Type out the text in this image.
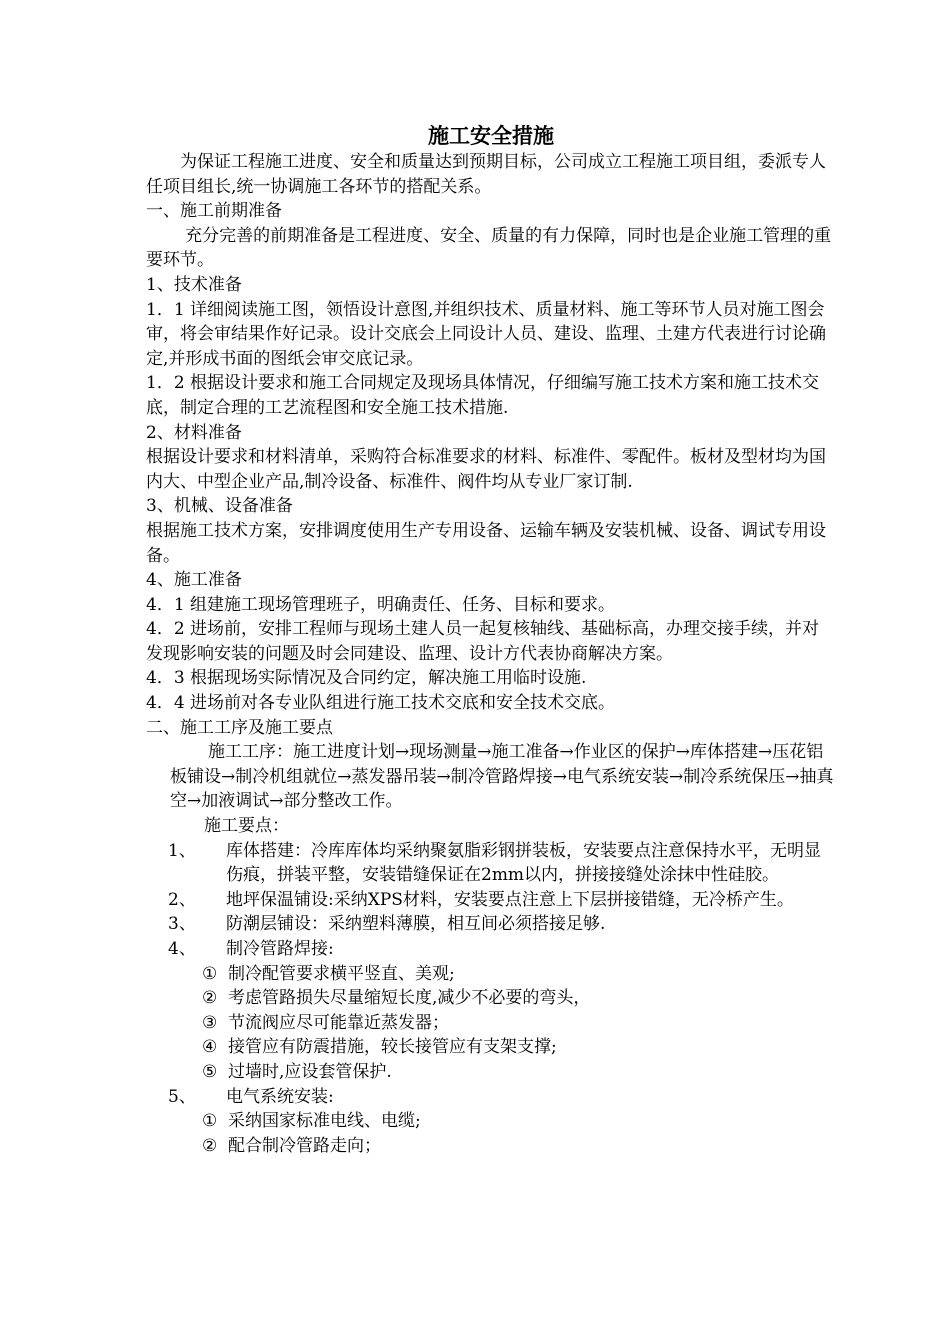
施工安全措施

为保证工程施工进度、安全和质量达到预期目标，公司成立工程施工项目组，委派专人任项目组长,统一协调施工各环节的搭配关系。

一、施工前期准备

充分完善的前期准备是工程进度、安全、质量的有力保障，同时也是企业施工管理的重要环节。

1、技术准备

1．1 详细阅读施工图，领悟设计意图,并组织技术、质量材料、施工等环节人员对施工图会审，将会审结果作好记录。设计交底会上同设计人员、建设、监理、土建方代表进行讨论确定,并形成书面的图纸会审交底记录。

1．2 根据设计要求和施工合同规定及现场具体情况，仔细编写施工技术方案和施工技术交底，制定合理的工艺流程图和安全施工技术措施.

2、材料准备

根据设计要求和材料清单，采购符合标准要求的材料、标准件、零配件。板材及型材均为国内大、中型企业产品,制冷设备、标准件、阀件均从专业厂家订制.

3、机械、设备准备

根据施工技术方案，安排调度使用生产专用设备、运输车辆及安装机械、设备、调试专用设备。

4、施工准备

4．1 组建施工现场管理班子，明确责任、任务、目标和要求。

4．2 进场前，安排工程师与现场土建人员一起复核轴线、基础标高，办理交接手续，并对发现影响安装的问题及时会同建设、监理、设计方代表协商解决方案。

4．3 根据现场实际情况及合同约定，解决施工用临时设施.

4．4 进场前对各专业队组进行施工技术交底和安全技术交底。

二、施工工序及施工要点

施工工序：施工进度计划→现场测量→施工准备→作业区的保护→库体搭建→压花铝板铺设→制冷机组就位→蒸发器吊装→制冷管路焊接→电气系统安装→制冷系统保压→抽真空→加液调试→部分整改工作。

施工要点：

1、	库体搭建：冷库库体均采纳聚氨脂彩钢拼装板，安装要点注意保持水平，无明显伤痕，拼装平整，安装错缝保证在2mm以内，拼接接缝处涂抹中性硅胶。
2、	地坪保温铺设:采纳XPS材料，安装要点注意上下层拼接错缝，无冷桥产生。
3、	防潮层铺设：采纳塑料薄膜，相互间必须搭接足够.
4、	制冷管路焊接:
① 制冷配管要求横平竖直、美观;
② 考虑管路损失尽量缩短长度,减少不必要的弯头，
③ 节流阀应尽可能靠近蒸发器；
④ 接管应有防震措施，较长接管应有支架支撑;
⑤ 过墙时,应设套管保护.
5、	电气系统安装:
① 采纳国家标准电线、电缆;
② 配合制冷管路走向；
